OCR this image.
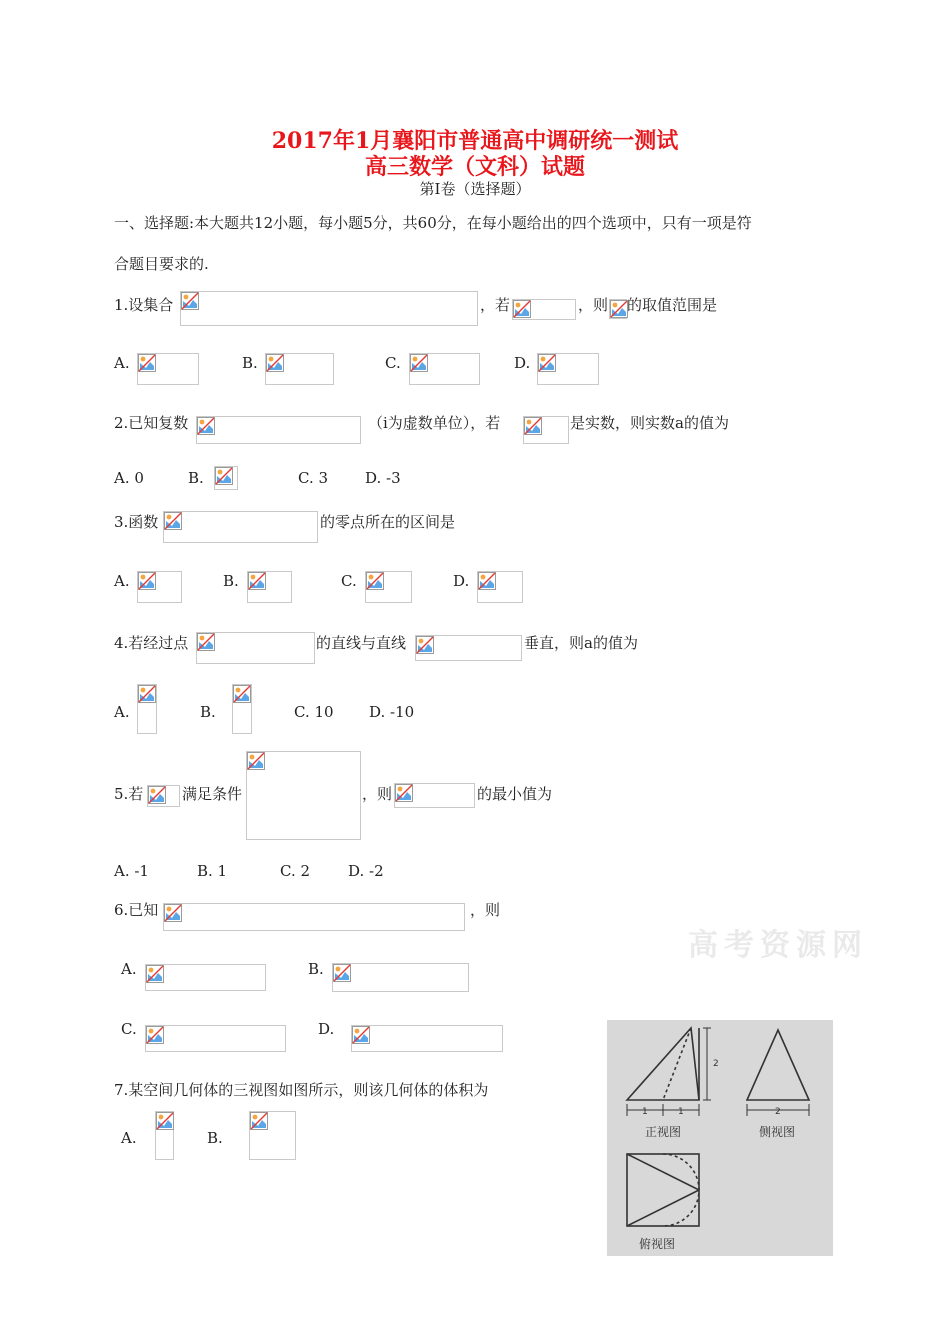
2017年1月襄阳市普通高中调研统一测试
高三数学（文科）试题
第Ⅰ卷（选择题）
一、选择题:本大题共12小题，每小题5分，共60分，在每小题给出的四个选项中，只有一项是符
合题目要求的.
1.设集合	，若	，则 的取值范围是
A.	B.	C.	D.
2.已知复数	（i为虚数单位），若	是实数，则实数a的值为
A. 0	B.	C. 3 D. -3
3.函数	的零点所在的区间是
A.	B.	C.	D.
4.若经过点	的直线与直线	垂直，则a的值为
A.	B.	C. 10 D. -10
5.若	满足条件	，则	的最小值为
A. -1	B. 1	C. 2	D. -2
6.已知	，则
A.	B.
C.	D.
7.某空间几何体的三视图如图所示，则该几何体的体积为
A.	B.
高考资源网
2
1	1
正视图
2
侧视图
俯视图
